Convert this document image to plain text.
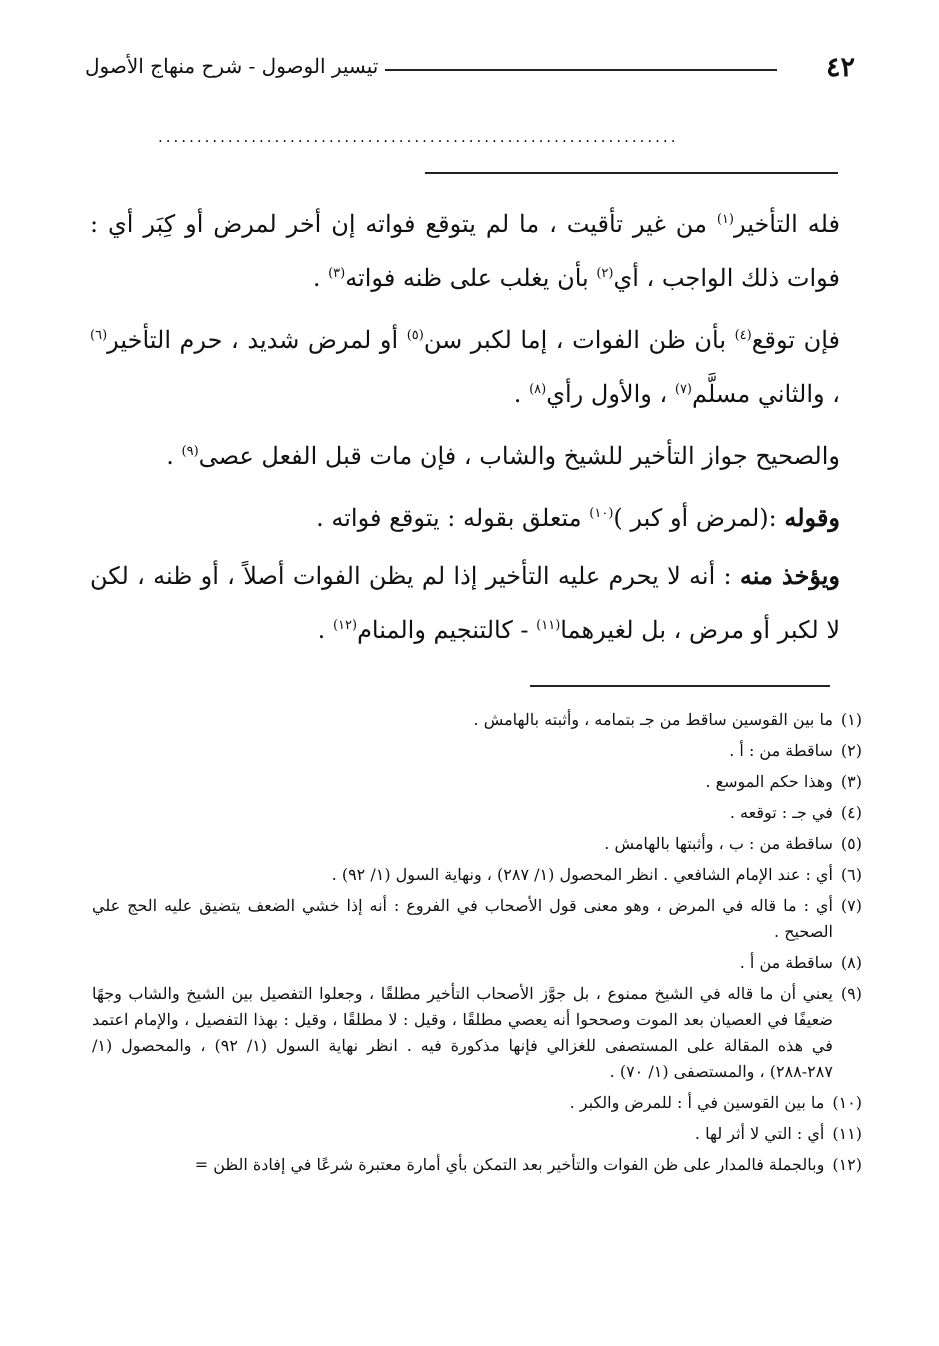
٤٢
تيسير الوصول - شرح منهاج الأصول
...................................................................

فله التأخير$^{(١)}$ من غير تأقيت ، ما لم يتوقع فواته إن أخر لمرض أو كِبَر أي : فوات ذلك الواجب ، أي$^{(٢)}$ بأن يغلب على ظنه فواته$^{(٣)}$ .

فإن توقع$^{(٤)}$ بأن ظن الفوات ، إما لكبر سن$^{(٥)}$ أو لمرض شديد ، حرم التأخير$^{(٦)}$ ، والثاني مسلَّم$^{(٧)}$ ، والأول رأي$^{(٨)}$ .

والصحيح جواز التأخير للشيخ والشاب ، فإن مات قبل الفعل عصى$^{(٩)}$ .

وقوله :(لمرض أو كبر )$^{(١٠)}$ متعلق بقوله : يتوقع فواته .

ويؤخذ منه : أنه لا يحرم عليه التأخير إذا لم يظن الفوات أصلاً ، أو ظنه ، لكن لا لكبر أو مرض ، بل لغيرهما$^{(١١)}$ - كالتنجيم والمنام$^{(١٢)}$ .

(١)
ما بين القوسين ساقط من جـ بتمامه ، وأثبته بالهامش .
(٢)
ساقطة من : أ .
(٣)
وهذا حكم الموسع .
(٤)
في جـ : توقعه .
(٥)
ساقطة من : ب ، وأثبتها بالهامش .
(٦)
أي : عند الإمام الشافعي . انظر المحصول (١/ ٢٨٧) ، ونهاية السول (١/ ٩٢) .
(٧)
أي : ما قاله في المرض ، وهو معنى قول الأصحاب في الفروع : أنه إذا خشي الضعف يتضيق عليه الحج علي الصحيح .
(٨)
ساقطة من أ .
(٩)
يعني أن ما قاله في الشيخ ممنوع ، بل جوَّز الأصحاب التأخير مطلقًا ، وجعلوا التفصيل بين الشيخ والشاب وجهًا ضعيفًا في العصيان بعد الموت وصححوا أنه يعصي مطلقًا ، وقيل : لا مطلقًا ، وقيل : بهذا التفصيل ، والإمام اعتمد في هذه المقالة على المستصفى للغزالي فإنها مذكورة فيه . انظر نهاية السول (١/ ٩٢) ، والمحصول (١/ ٢٨٧-٢٨٨) ، والمستصفى (١/ ٧٠) .
(١٠)
ما بين القوسين في أ : للمرض والكبر .
(١١)
أي : التي لا أثر لها .
(١٢)
وبالجملة فالمدار على ظن الفوات والتأخير بعد التمكن بأي أمارة معتبرة شرعًا في إفادة الظن =
